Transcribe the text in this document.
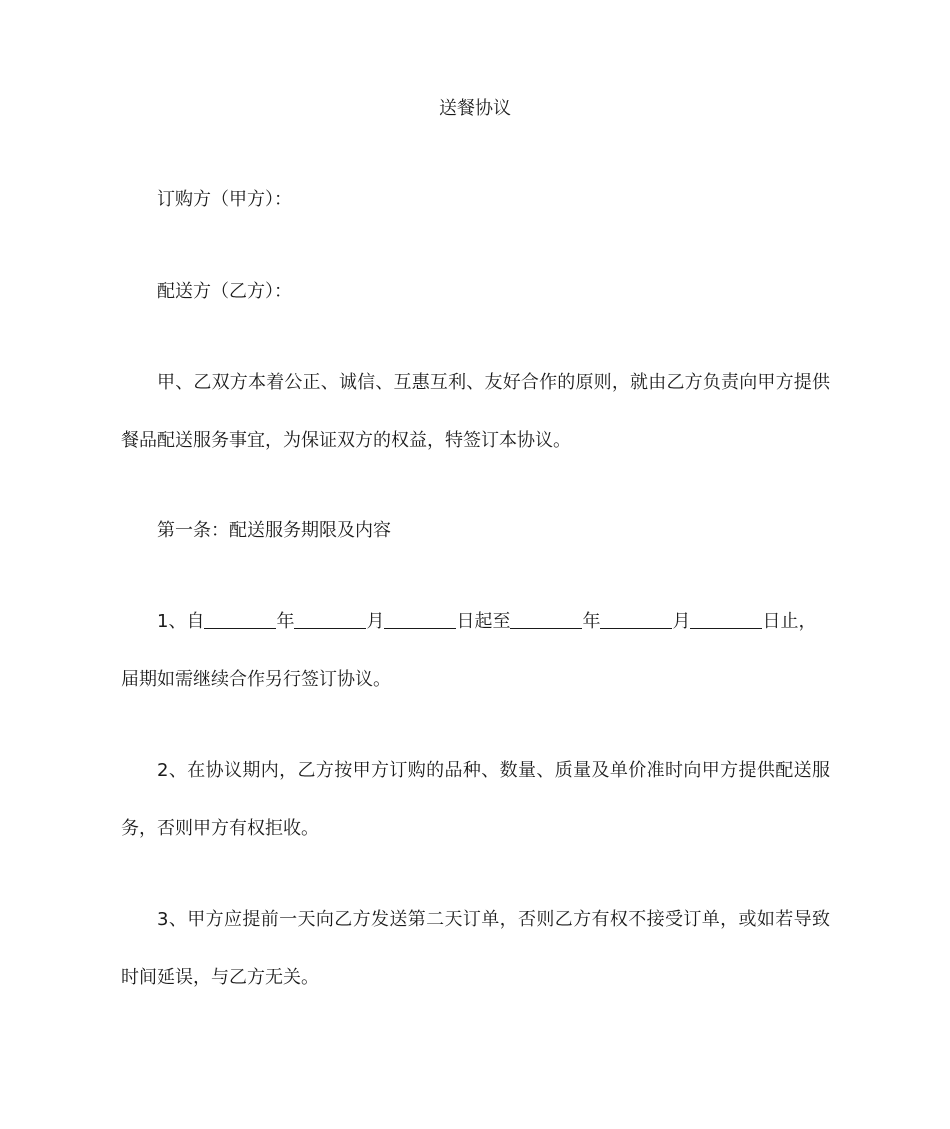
送餐协议
订购方（甲方）：
配送方（乙方）：
甲、乙双方本着公正、诚信、互惠互利、友好合作的原则，就由乙方负责向甲方提供
餐品配送服务事宜，为保证双方的权益，特签订本协议。
第一条：配送服务期限及内容
1、自	年	月	日起至	年	月	日止，
届期如需继续合作另行签订协议。
2、在协议期内，乙方按甲方订购的品种、数量、质量及单价准时向甲方提供配送服
务，否则甲方有权拒收。
3、甲方应提前一天向乙方发送第二天订单，否则乙方有权不接受订单，或如若导致
时间延误，与乙方无关。
